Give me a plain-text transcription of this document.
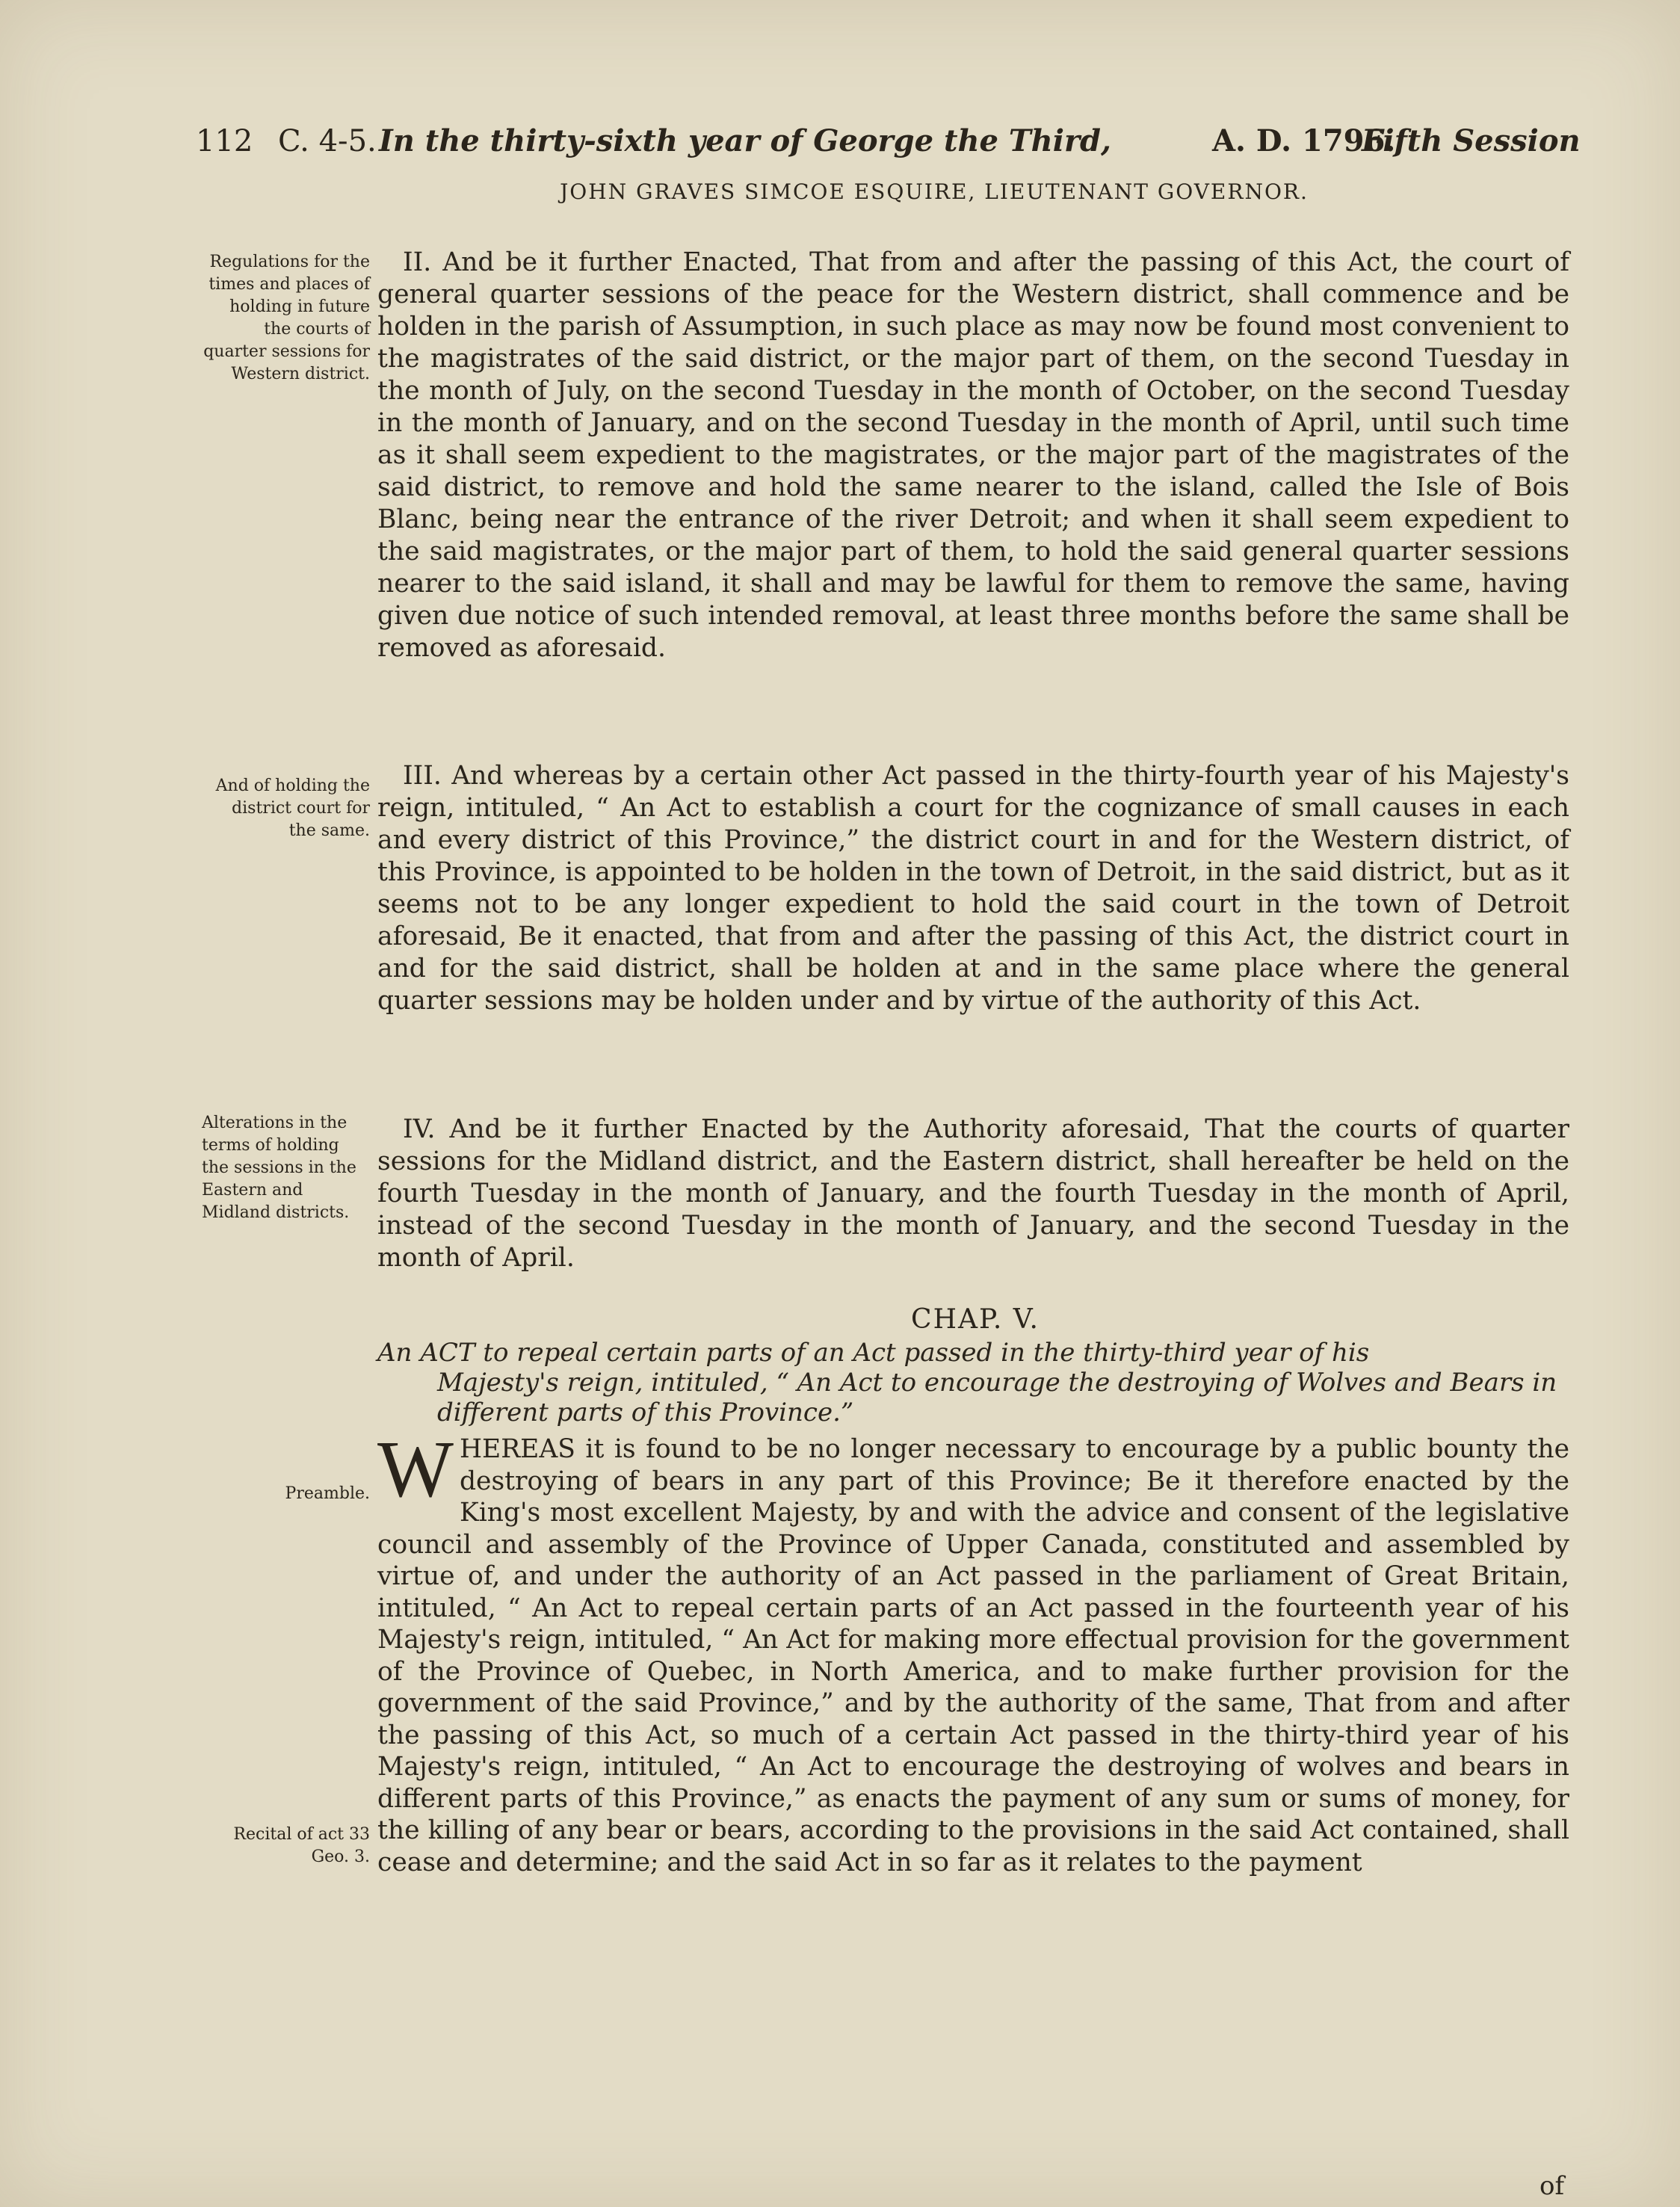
112 C. 4-5. In the thirty-sixth year of George the Third,	A. D. 1796.
Fifth Session
JOHN GRAVES SIMCOE ESQUIRE, LIEUTENANT GOVERNOR.
Regulations for the times and places of holding in future the courts of quarter sessions for Western district.
And of holding the district court for the same.
Alterations in the terms of holding the sessions in the Eastern and Midland districts.
Preamble.
Recital of act 33 Geo. 3.

II. And be it further Enacted, That from and after the passing of this Act, the court of general quarter sessions of the peace for the Western district, shall commence and be holden in the parish of Assumption, in such place as may now be found most convenient to the magistrates of the said district, or the major part of them, on the second Tuesday in the month of July, on the second Tuesday in the month of October, on the second Tuesday in the month of January, and on the second Tuesday in the month of April, until such time as it shall seem expedient to the magistrates, or the major part of the magistrates of the said district, to remove and hold the same nearer to the island, called the Isle of Bois Blanc, being near the entrance of the river Detroit; and when it shall seem expedient to the said magistrates, or the major part of them, to hold the said general quarter sessions nearer to the said island, it shall and may be lawful for them to remove the same, having given due notice of such intended removal, at least three months before the same shall be removed as aforesaid.

III. And whereas by a certain other Act passed in the thirty-fourth year of his Majesty's reign, intituled, “ An Act to establish a court for the cognizance of small causes in each and every district of this Province,” the district court in and for the Western district, of this Province, is appointed to be holden in the town of Detroit, in the said district, but as it seems not to be any longer expedient to hold the said court in the town of Detroit aforesaid, Be it enacted, that from and after the passing of this Act, the district court in and for the said district, shall be holden at and in the same place where the general quarter sessions may be holden under and by virtue of the authority of this Act.

IV. And be it further Enacted by the Authority aforesaid, That the courts of quarter sessions for the Midland district, and the Eastern district, shall hereafter be held on the fourth Tuesday in the month of January, and the fourth Tuesday in the month of April, instead of the second Tuesday in the month of January, and the second Tuesday in the month of April.

CHAP. V.
An ACT to repeal certain parts of an Act passed in the thirty-third year of his
Majesty's reign, intituled, “ An Act to encourage the destroying of Wolves and Bears in different parts of this Province.”
WHEREAS it is found to be no longer necessary to encourage by a public bounty the destroying of bears in any part of this Province; Be it therefore enacted by the King's most excellent Majesty, by and with the advice and consent of the legislative council and assembly of the Province of Upper Canada, constituted and assembled by virtue of, and under the authority of an Act passed in the parliament of Great Britain, intituled, “ An Act to repeal certain parts of an Act passed in the fourteenth year of his Majesty's reign, intituled, “ An Act for making more effectual provision for the government of the Province of Quebec, in North America, and to make further provision for the government of the said Province,” and by the authority of the same, That from and after the passing of this Act, so much of a certain Act passed in the thirty-third year of his Majesty's reign, intituled, “ An Act to encourage the destroying of wolves and bears in different parts of this Province,” as enacts the payment of any sum or sums of money, for the killing of any bear or bears, according to the provisions in the said Act contained, shall cease and determine; and the said Act in so far as it relates to the payment
of
